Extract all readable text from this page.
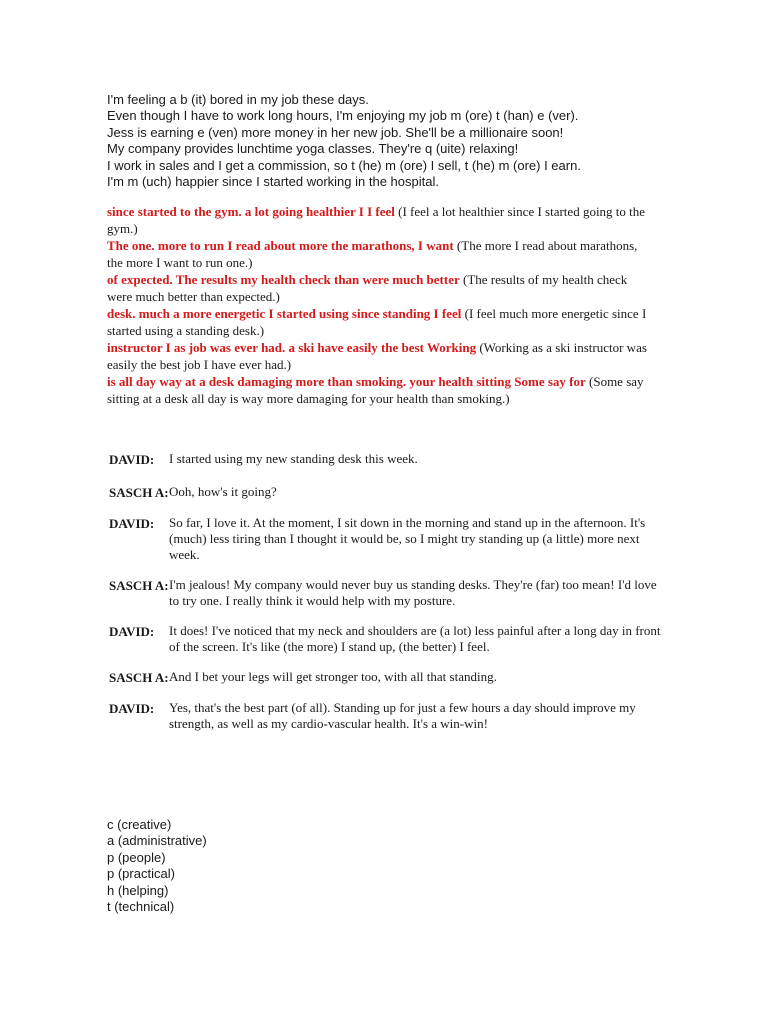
I'm feeling a b (it) bored in my job these days.
Even though I have to work long hours, I'm enjoying my job m (ore) t (han) e (ver).
Jess is earning e (ven) more money in her new job. She'll be a millionaire soon!
My company provides lunchtime yoga classes. They're q (uite) relaxing!
I work in sales and I get a commission, so t (he) m (ore) I sell, t (he) m (ore) I earn.
I'm m (uch) happier since I started working in the hospital.

since started to the gym. a lot going healthier I I feel (I feel a lot healthier since I started going to the gym.)

The one. more to run I read about more the marathons, I want (The more I read about marathons, the more I want to run one.)

of expected. The results my health check than were much better (The results of my health check were much better than expected.)

desk. much a more energetic I started using since standing I feel (I feel much more energetic since I started using a standing desk.)

instructor I as job was ever had. a ski have easily the best Working (Working as a ski instructor was easily the best job I have ever had.)

is all day way at a desk damaging more than smoking. your health sitting Some say for (Some say sitting at a desk all day is way more damaging for your health than smoking.)

DAVID:	I started using my new standing desk this week.
SASCH A: Ooh, how's it going?
DAVID:	So far, I love it. At the moment, I sit down in the morning and stand up in the afternoon. It's (much) less tiring than I thought it would be, so I might try standing up (a little) more next week.
SASCH A: I'm jealous! My company would never buy us standing desks. They're (far) too mean! I'd love to try one. I really think it would help with my posture.
DAVID:	It does! I've noticed that my neck and shoulders are (a lot) less painful after a long day in front of the screen. It's like (the more) I stand up, (the better) I feel.
SASCH A: And I bet your legs will get stronger too, with all that standing.
DAVID:	Yes, that's the best part (of all). Standing up for just a few hours a day should improve my strength, as well as my cardio-vascular health. It's a win-win!
c (creative)
a (administrative)
p (people)
p (practical)
h (helping)
t (technical)
